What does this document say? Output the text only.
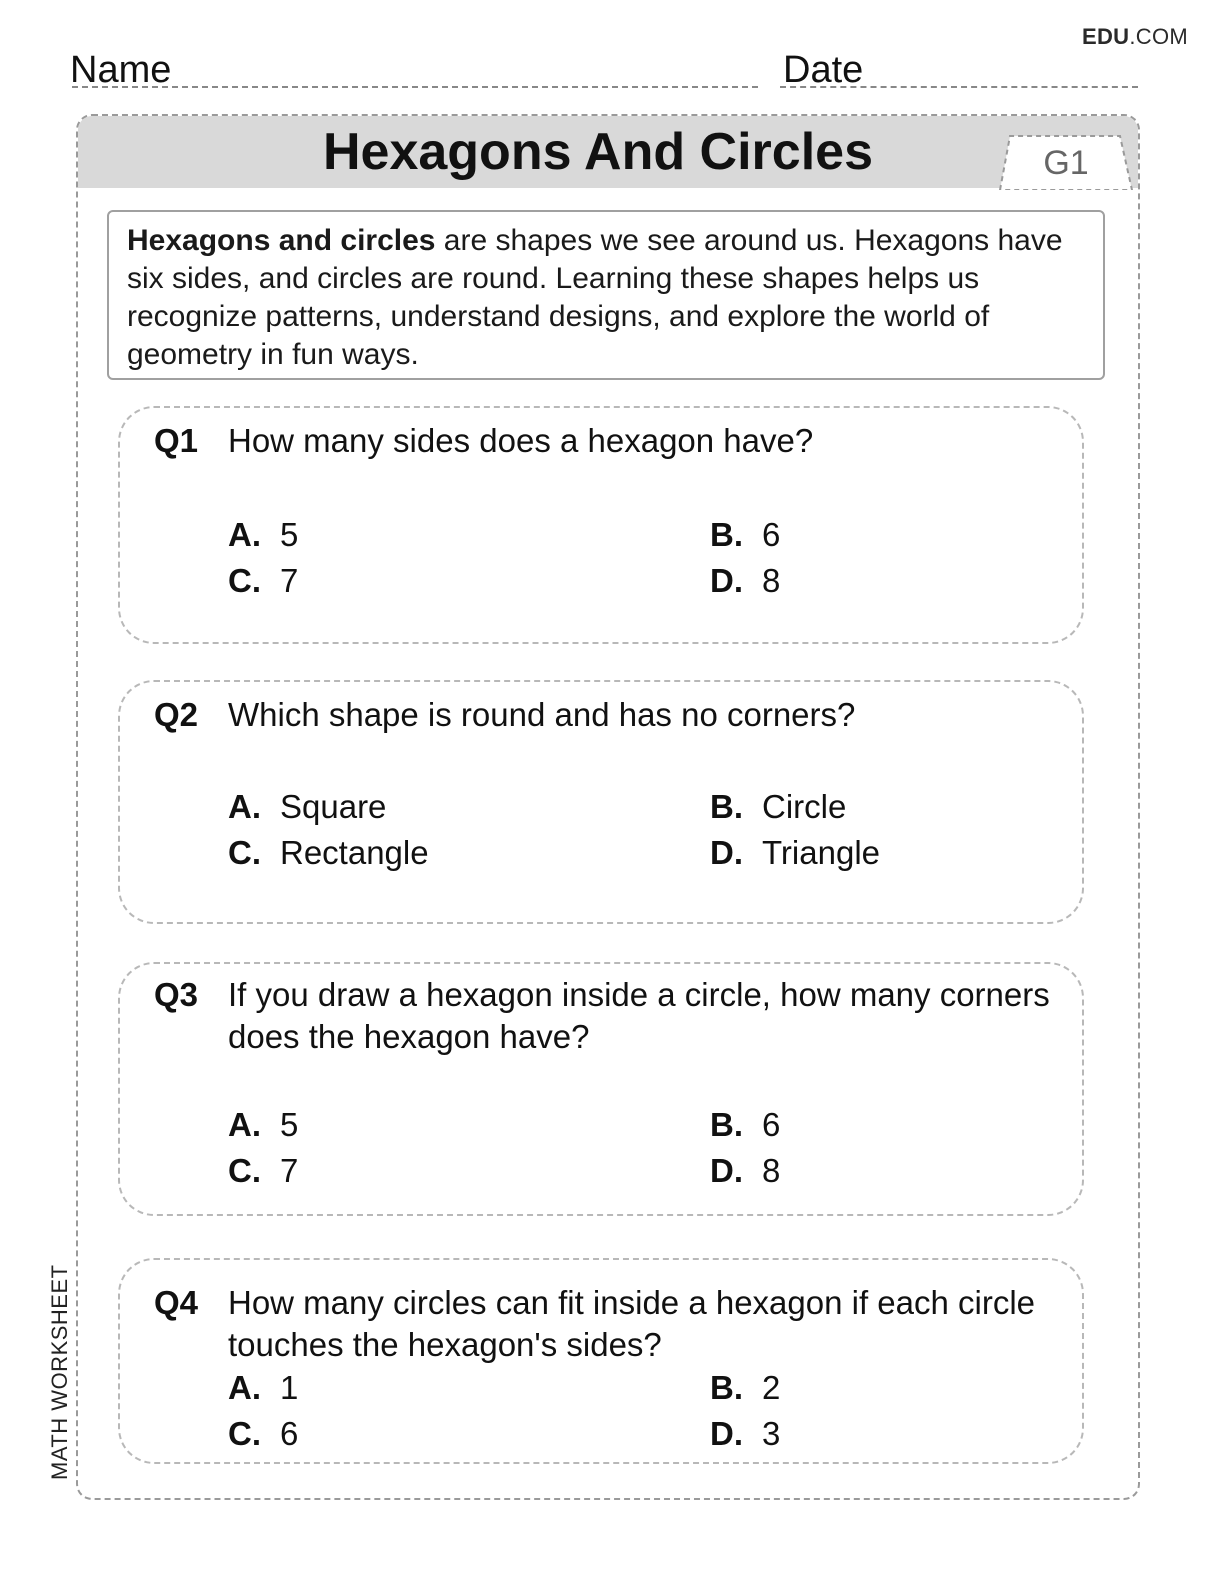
EDU.COM
Name	Date
Hexagons And Circles	G1
Hexagons and circles are shapes we see around us. Hexagons have six sides, and circles are round. Learning these shapes helps us recognize patterns, understand designs, and explore the world of geometry in fun ways.
Q1 How many sides does a hexagon have?
A. 5	B. 6
C. 7	D. 8
Q2 Which shape is round and has no corners?
A. Square	B. Circle
C. Rectangle	D. Triangle
Q3 If you draw a hexagon inside a circle, how many corners does the hexagon have?
A. 5	B. 6
C. 7	D. 8
Q4 How many circles can fit inside a hexagon if each circle touches the hexagon's sides?
A. 1	B. 2
C. 6	D. 3
MATH WORKSHEET
